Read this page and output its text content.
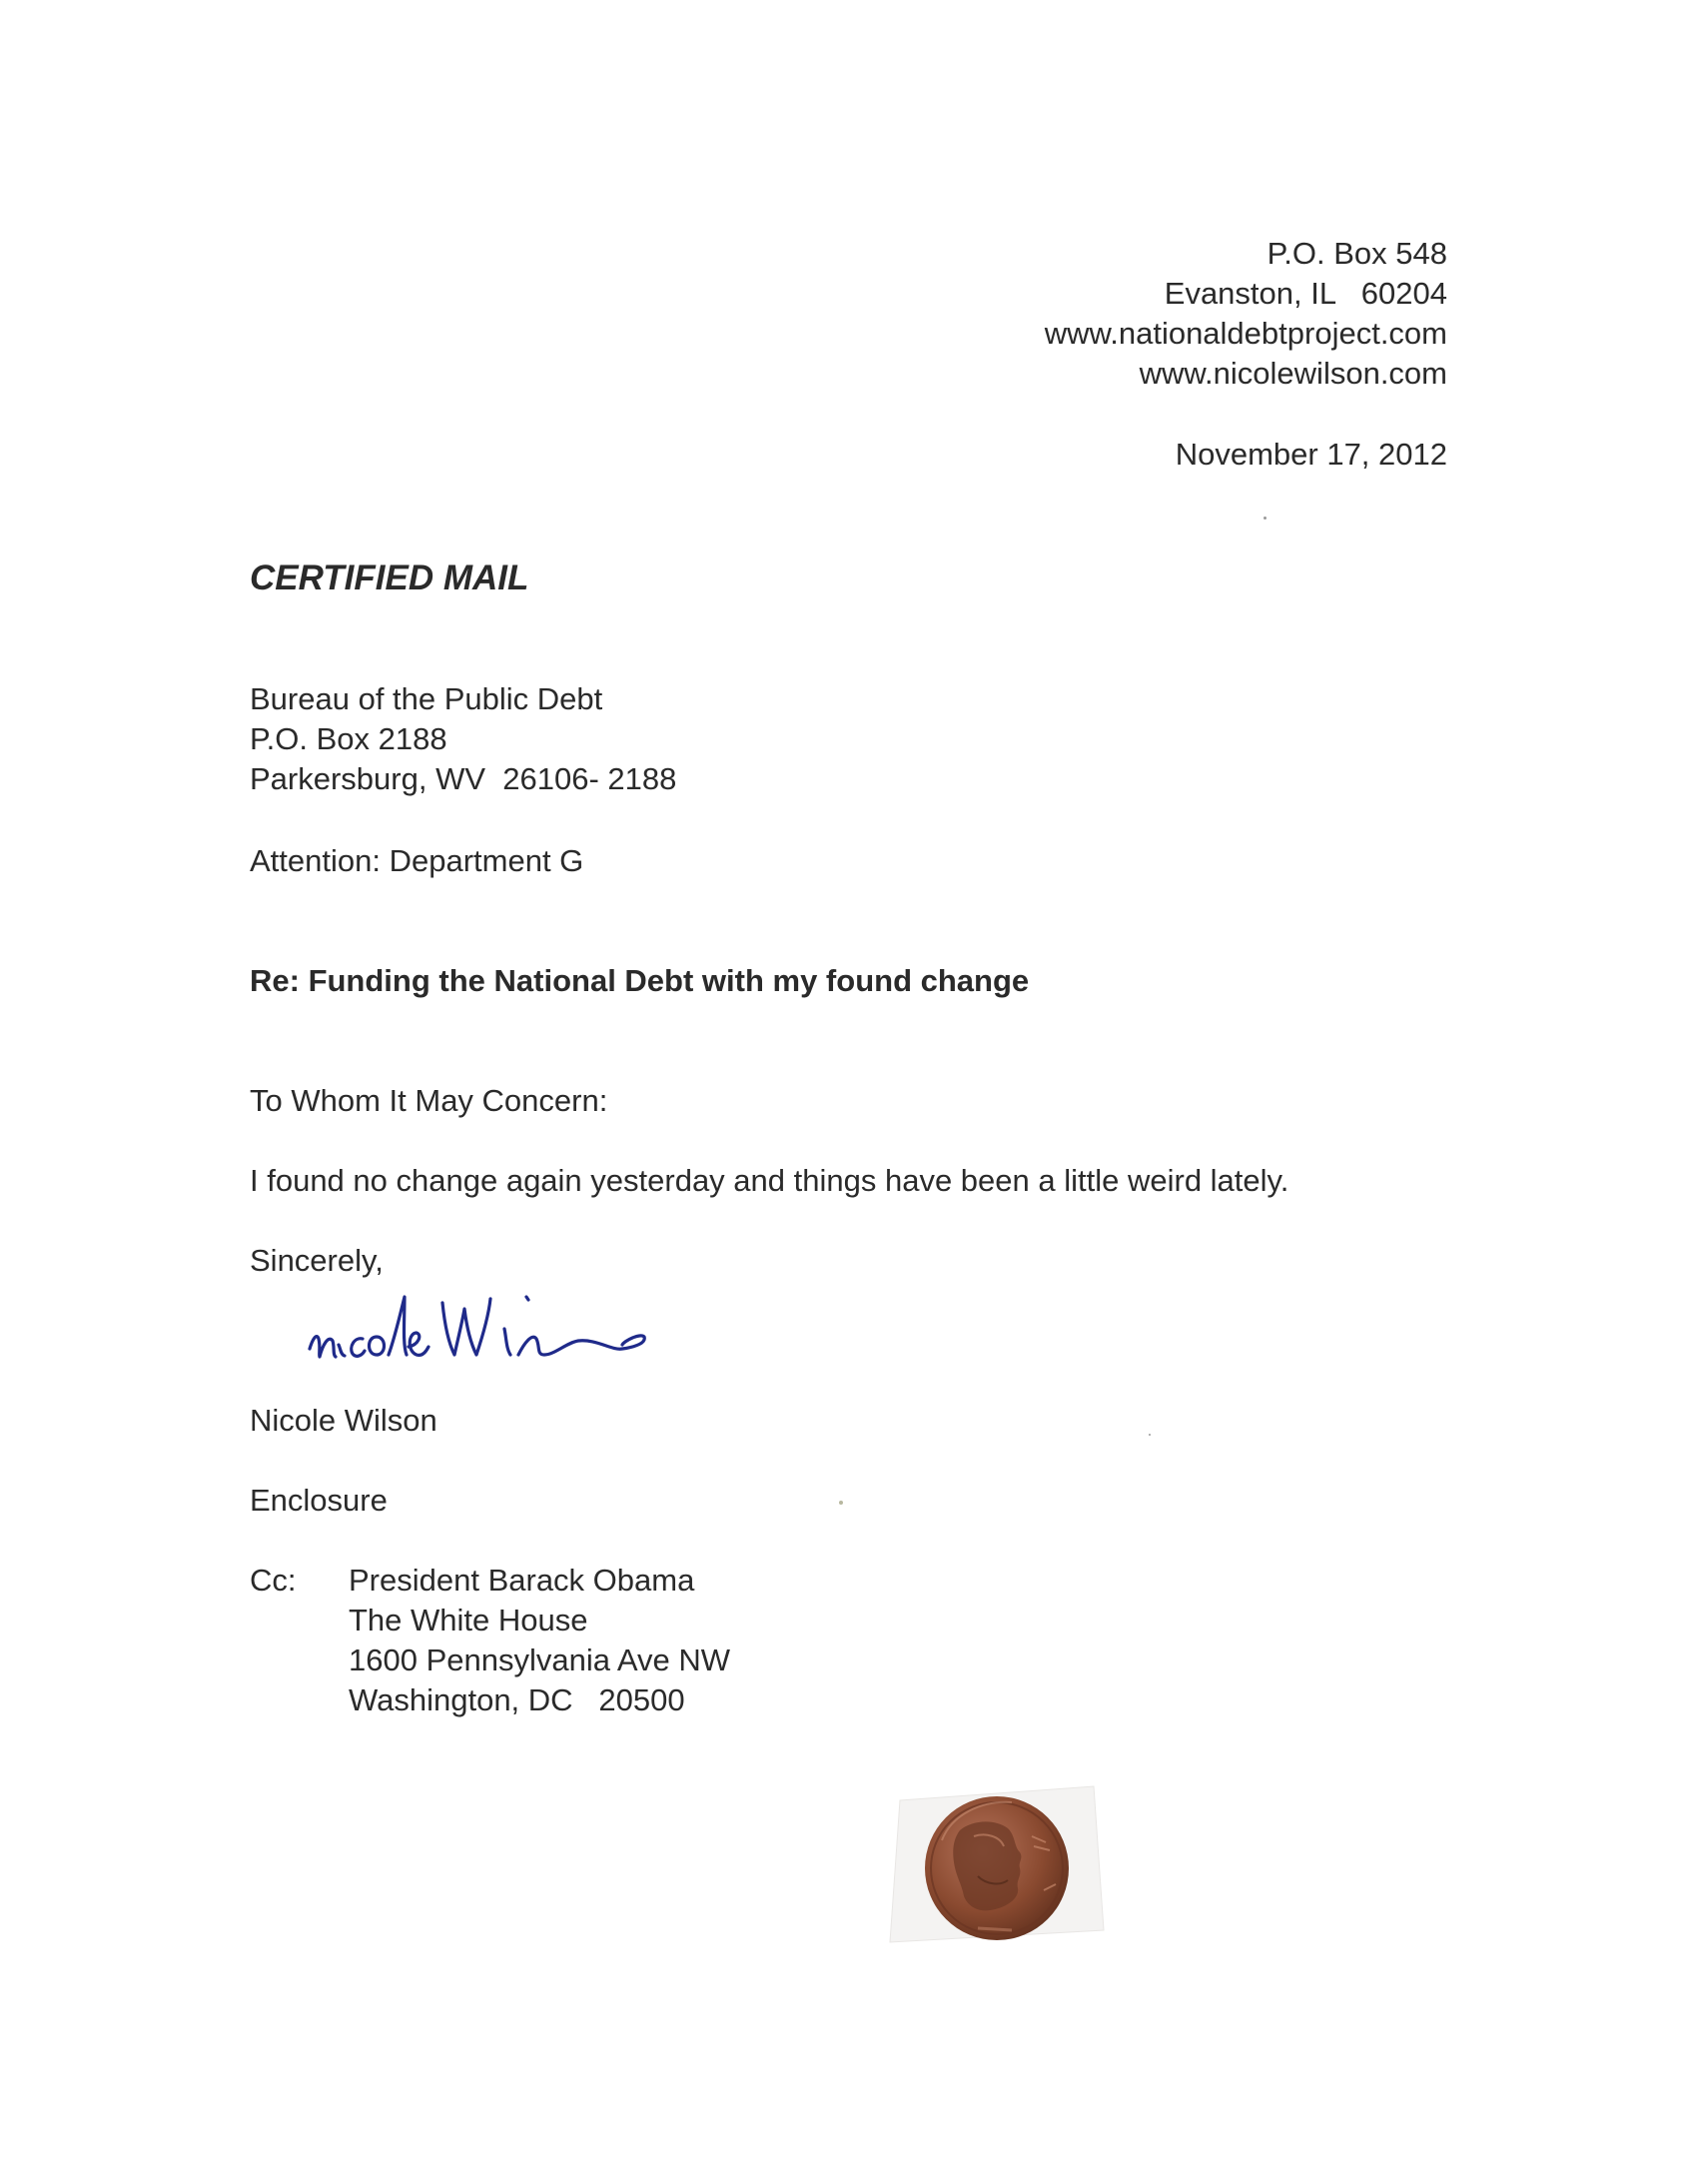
P.O. Box 548
Evanston, IL   60204
www.nationaldebtproject.com
www.nicolewilson.com
November 17, 2012
CERTIFIED MAIL
Bureau of the Public Debt
P.O. Box 2188
Parkersburg, WV  26106- 2188
Attention: Department G
Re: Funding the National Debt with my found change
To Whom It May Concern:
I found no change again yesterday and things have been a little weird lately.
Sincerely,
Nicole Wilson
Enclosure
Cc: President Barack Obama
The White House
1600 Pennsylvania Ave NW
Washington, DC   20500
